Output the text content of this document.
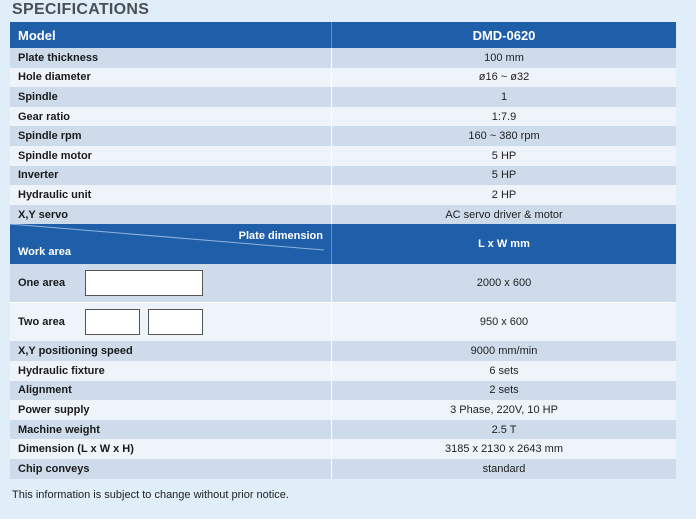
SPECIFICATIONS
Model	DMD-0620
Plate thickness	100 mm
Hole diameter	ø16 ~ ø32
Spindle	1
Gear ratio	1:7.9
Spindle rpm	160 ~ 380 rpm
Spindle motor	5 HP
Inverter	5 HP
Hydraulic unit	2 HP
X,Y servo	AC servo driver & motor

Plate dimension
Work area	L x W mm
One area	2000 x 600
Two area	950 x 600
X,Y positioning speed	9000 mm/min
Hydraulic fixture	6 sets
Alignment	2 sets
Power supply	3 Phase, 220V, 10 HP
Machine weight	2.5 T
Dimension (L x W x H)	3185 x 2130 x 2643 mm
Chip conveys	standard
This information is subject to change without prior notice.
